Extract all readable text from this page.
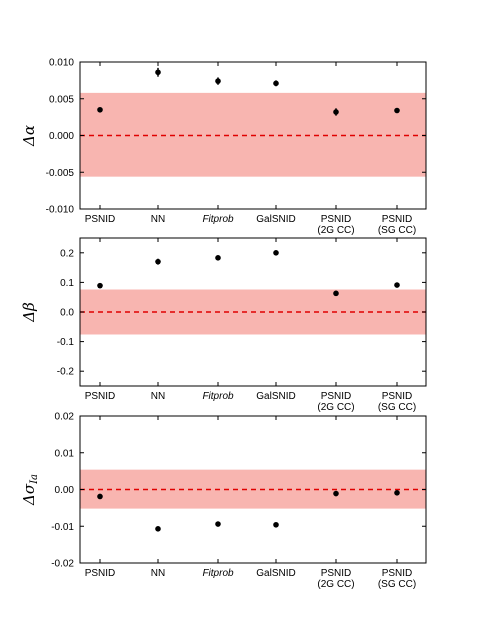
0.010
0.005
0.000
-0.005
-0.010
Δα
PSNID	NN	Fitprob GalSNID PSNID
(2G CC)
PSNID
(SG CC)
0.2
0.1
0.0
-0.1
-0.2
Δβ
PSNID	NN	Fitprob GalSNID PSNID
(2G CC)
PSNID
(SG CC)
0.02
0.01
0.00
-0.01
-0.02
$\Delta\sigma_{Ia}$
PSNID	NN	Fitprob GalSNID PSNID
(2G CC)
PSNID
(SG CC)
